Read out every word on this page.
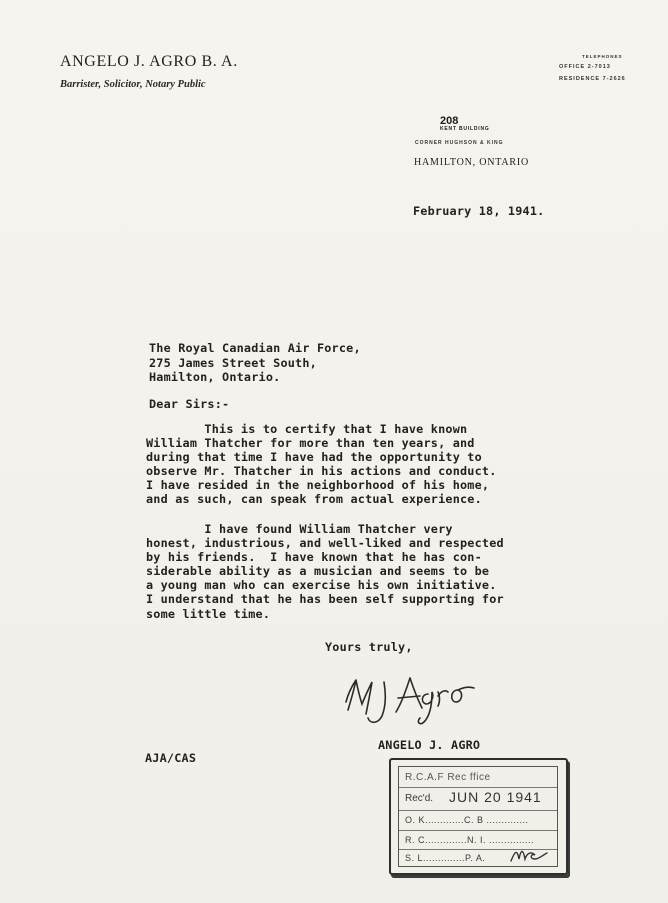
ANGELO J. AGRO B. A.
Barrister, Solicitor, Notary Public
TELEPHONES
OFFICE 2-7013
RESIDENCE 7-2626
208
KENT BUILDING
CORNER HUGHSON & KING
HAMILTON, ONTARIO
February 18, 1941.
The Royal Canadian Air Force,
275 James Street South,
Hamilton, Ontario.
Dear Sirs:-

This is to certify that I have known
William Thatcher for more than ten years, and
during that time I have had the opportunity to
observe Mr. Thatcher in his actions and conduct.
I have resided in the neighborhood of his home,
and as such, can speak from actual experience.

I have found William Thatcher very
honest, industrious, and well-liked and respected
by his friends.  I have known that he has con-
siderable ability as a musician and seems to be
a young man who can exercise his own initiative.
I understand that he has been self supporting for
some little time.

Yours truly,
ANGELO J. AGRO
AJA/CAS
R.C.A.F Rec ffice
Rec'd. JUN 20 1941
O. K.............C. B ..............
R. C..............N. I. ...............
S. L..............P. A.
